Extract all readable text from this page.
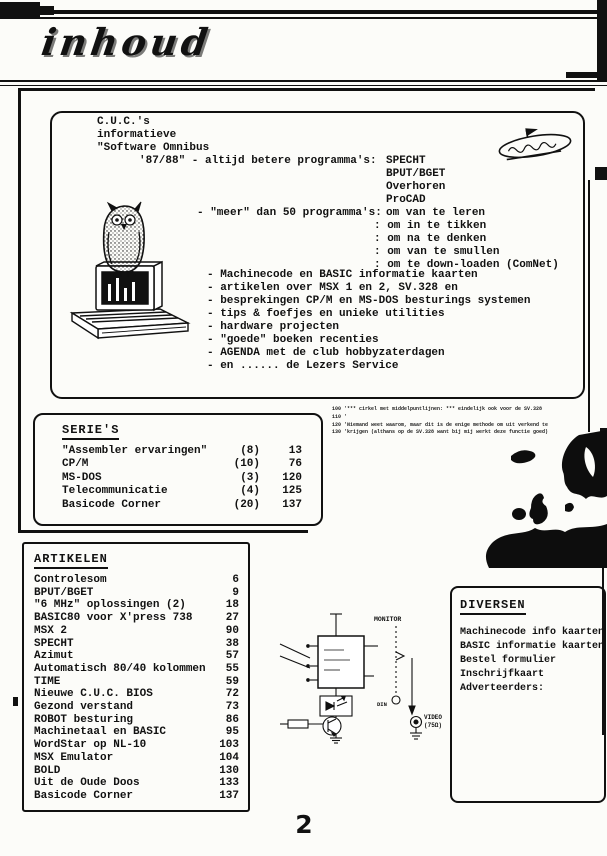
inhoud
C.U.C.'s
informatieve
"Software Omnibus
'87/88" - altijd betere programma's: SPECHT
BPUT/BGET
Overhoren
ProCAD
- "meer" dan 50 programma's: om van te leren
: om in te tikken
: om na te denken
: om van te smullen
: om te down-loaden (ComNet)
- Machinecode en BASIC informatie kaarten
- artikelen over MSX 1 en 2, SV.328 en
- besprekingen CP/M en MS-DOS besturings systemen
- tips & foefjes en unieke utilities
- hardware projecten
- "goede" boeken recenties
- AGENDA met de club hobbyzaterdagen
- en ...... de Lezers Service
100 '*** cirkel met middelpuntlijnen: *** eindelijk ook voor de SV.328
110 '
120 'Niemand weet waarom, maar dit is de enige methode om uit verkend te
130 'krijgen (althans op de SV.328 want bij mij werkt deze functie goed)
SERIE'S
"Assembler ervaringen"	(8)	13
CP/M	(10)	76
MS-DOS	(3)	120
Telecommunicatie	(4)	125
Basicode Corner	(20)	137
ARTIKELEN
Controlesom	6
BPUT/BGET	9
"6 MHz" oplossingen (2)	18
BASIC80 voor X'press 738	27
MSX 2	90
SPECHT	38
Azimut	57
Automatisch 80/40 kolommen 55
TIME	59
Nieuwe C.U.C. BIOS	72
Gezond verstand	73
ROBOT besturing	86
Machinetaal en BASIC	95
WordStar op NL-10	103
MSX Emulator	104
BOLD	130
Uit de Oude Doos	133
Basicode Corner	137
MONITOR
DIN
VIDEO
(75Ω)
DIVERSEN
Machinecode info kaarten
BASIC informatie kaarten
Bestel formulier
Inschrijfkaart
Adverteerders:
2
